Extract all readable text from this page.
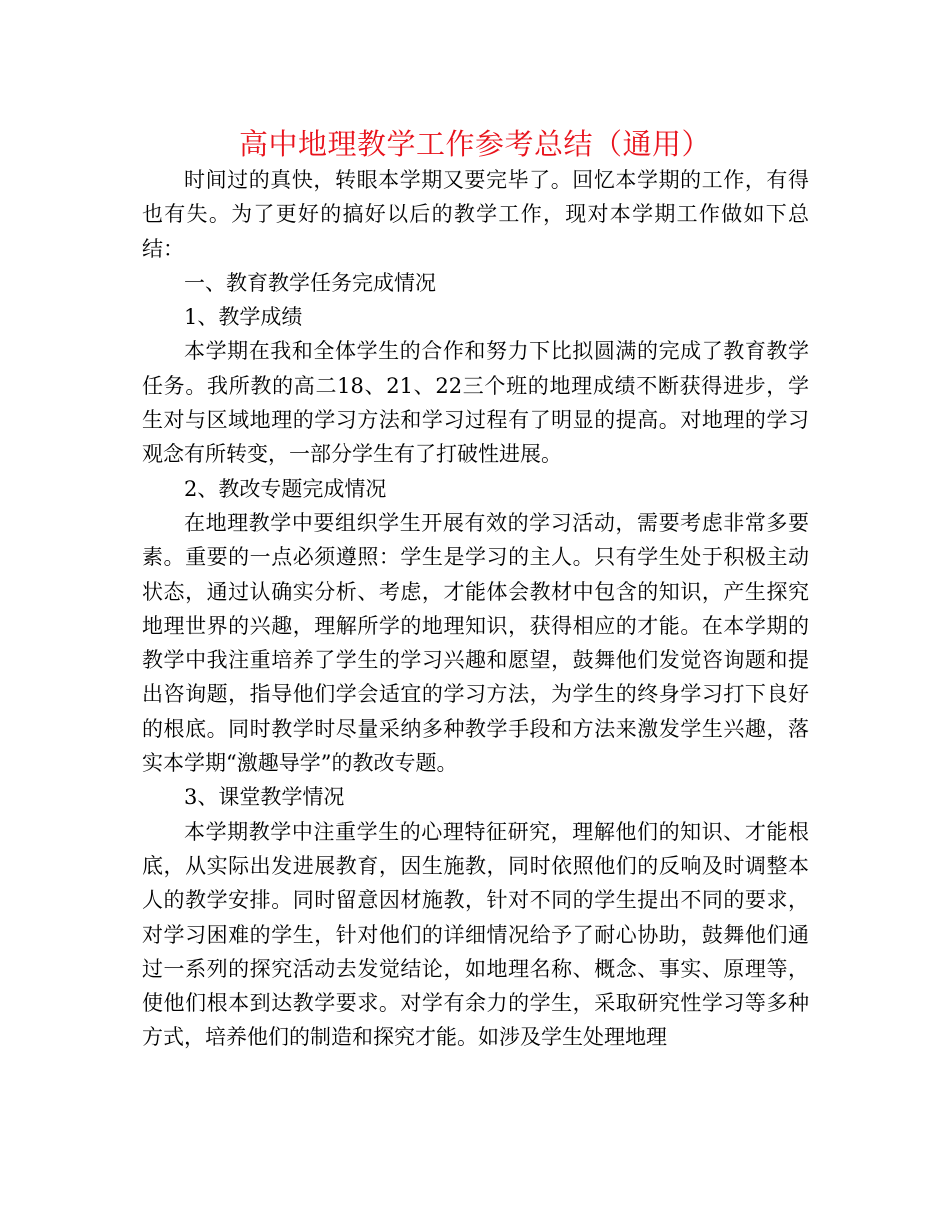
高中地理教学工作参考总结（通用）

时间过的真快，转眼本学期又要完毕了。回忆本学期的工作，有得也有失。为了更好的搞好以后的教学工作，现对本学期工作做如下总结：

一、教育教学任务完成情况

1、教学成绩

本学期在我和全体学生的合作和努力下比拟圆满的完成了教育教学任务。我所教的高二18、21、22三个班的地理成绩不断获得进步，学生对与区域地理的学习方法和学习过程有了明显的提高。对地理的学习观念有所转变，一部分学生有了打破性进展。

2、教改专题完成情况

在地理教学中要组织学生开展有效的学习活动，需要考虑非常多要素。重要的一点必须遵照：学生是学习的主人。只有学生处于积极主动状态，通过认确实分析、考虑，才能体会教材中包含的知识，产生探究地理世界的兴趣，理解所学的地理知识，获得相应的才能。在本学期的教学中我注重培养了学生的学习兴趣和愿望，鼓舞他们发觉咨询题和提出咨询题，指导他们学会适宜的学习方法，为学生的终身学习打下良好的根底。同时教学时尽量采纳多种教学手段和方法来激发学生兴趣，落实本学期“激趣导学”的教改专题。

3、课堂教学情况

本学期教学中注重学生的心理特征研究，理解他们的知识、才能根底，从实际出发进展教育，因生施教，同时依照他们的反响及时调整本人的教学安排。同时留意因材施教，针对不同的学生提出不同的要求，对学习困难的学生，针对他们的详细情况给予了耐心协助，鼓舞他们通过一系列的探究活动去发觉结论，如地理名称、概念、事实、原理等，使他们根本到达教学要求。对学有余力的学生，采取研究性学习等多种方式，培养他们的制造和探究才能。如涉及学生处理地理
